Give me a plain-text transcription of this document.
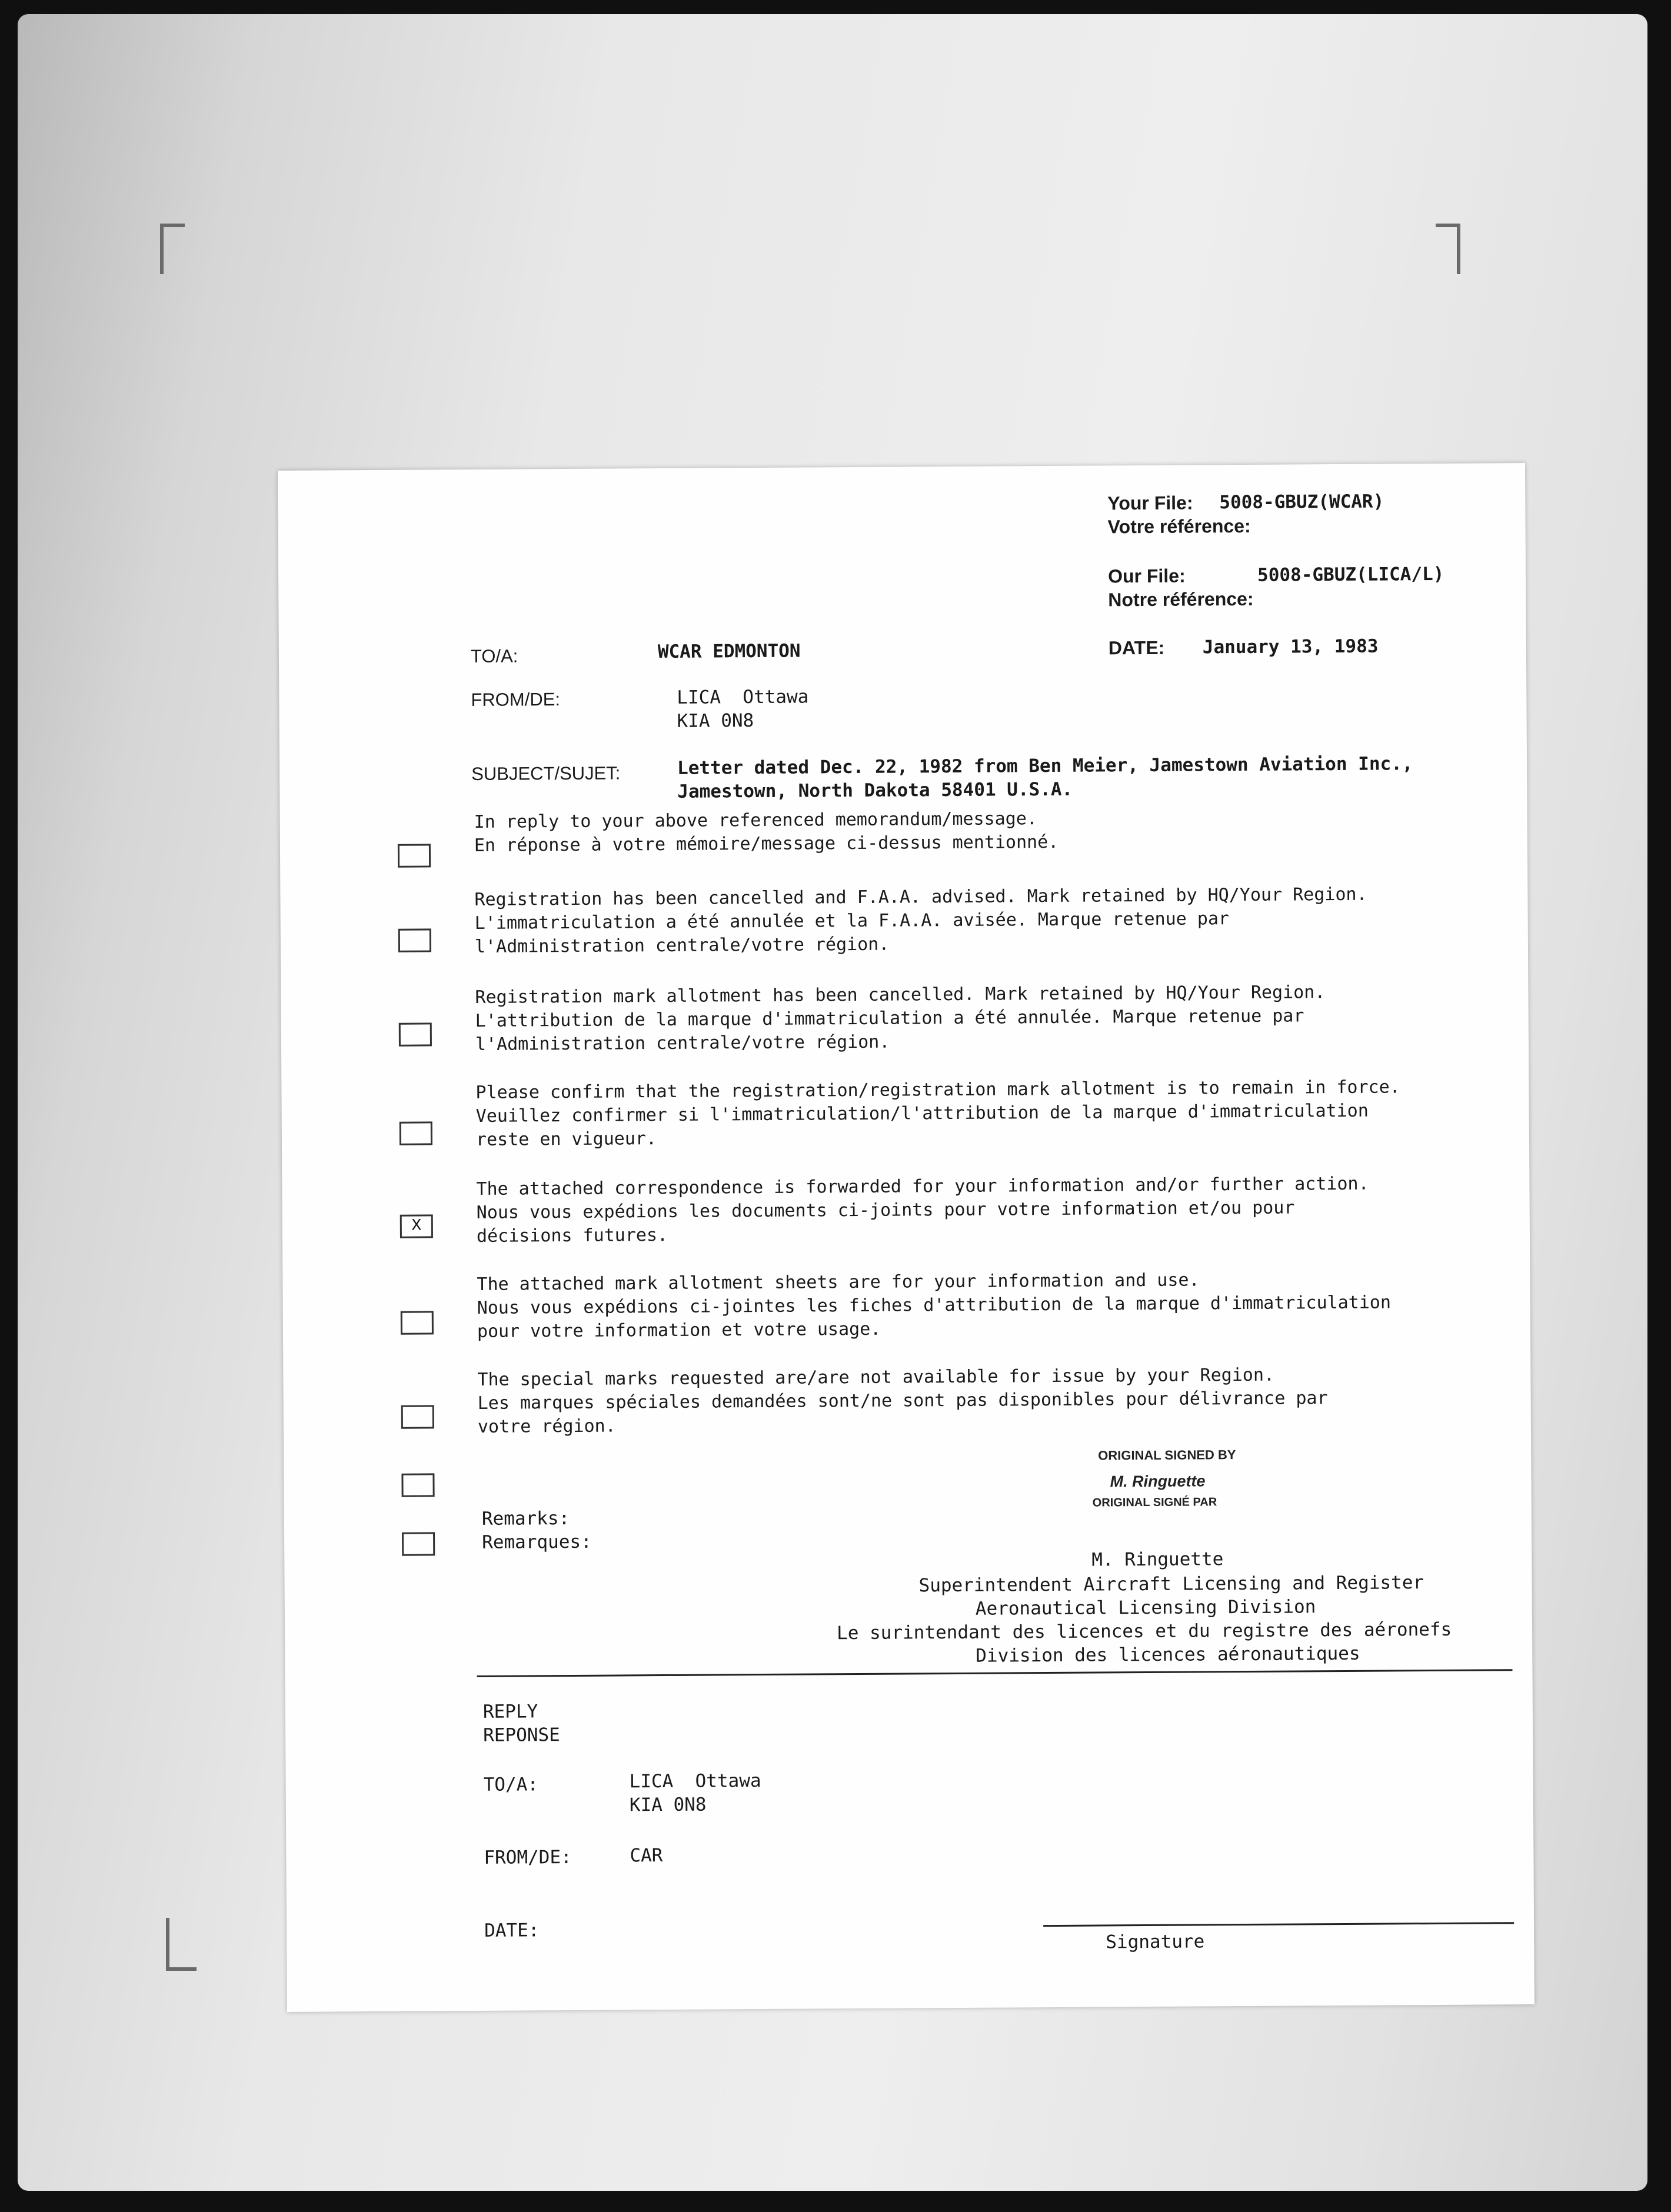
Your File: 5008-GBUZ(WCAR)
Votre référence:
Our File:	5008-GBUZ(LICA/L)
Notre référence:
DATE: January 13, 1983
TO/A:	WCAR EDMONTON
FROM/DE:	LICA  Ottawa
KIA 0N8
SUBJECT/SUJET:	Letter dated Dec. 22, 1982 from Ben Meier, Jamestown Aviation Inc.,
Jamestown, North Dakota 58401 U.S.A.
In reply to your above referenced memorandum/message.
En réponse à votre mémoire/message ci-dessus mentionné.
Registration has been cancelled and F.A.A. advised. Mark retained by HQ/Your Region.
L'immatriculation a été annulée et la F.A.A. avisée. Marque retenue par
l'Administration centrale/votre région.
Registration mark allotment has been cancelled. Mark retained by HQ/Your Region.
L'attribution de la marque d'immatriculation a été annulée. Marque retenue par
l'Administration centrale/votre région.
Please confirm that the registration/registration mark allotment is to remain in force.
Veuillez confirmer si l'immatriculation/l'attribution de la marque d'immatriculation
reste en vigueur.
X
The attached correspondence is forwarded for your information and/or further action.
Nous vous expédions les documents ci-joints pour votre information et/ou pour
décisions futures.
The attached mark allotment sheets are for your information and use.
Nous vous expédions ci-jointes les fiches d'attribution de la marque d'immatriculation
pour votre information et votre usage.
The special marks requested are/are not available for issue by your Region.
Les marques spéciales demandées sont/ne sont pas disponibles pour délivrance par
votre région.
ORIGINAL SIGNED BY
M. Ringuette
ORIGINAL SIGNÉ PAR
Remarks:
Remarques:
M. Ringuette
Superintendent Aircraft Licensing and Register
Aeronautical Licensing Division
Le surintendant des licences et du registre des aéronefs
Division des licences aéronautiques
REPLY
REPONSE
TO/A:	LICA  Ottawa
KIA 0N8
FROM/DE:	CAR
DATE:
Signature
